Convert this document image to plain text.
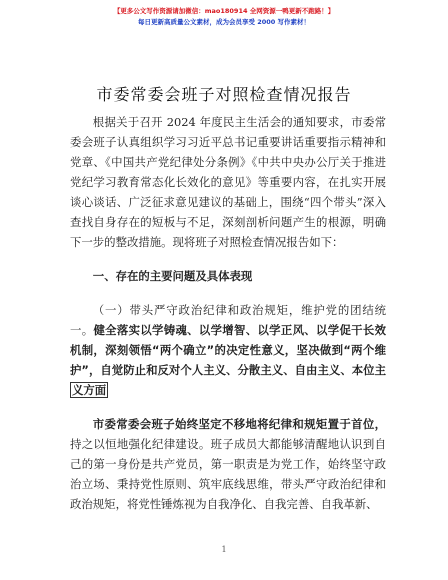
【更多公文写作资源请加微信：mao180914 全网资源一鸭更新不跑路！】
每日更新高质量公文素材，成为会员享受 2000 写作素材！
市委常委会班子对照检查情况报告

根据关于召开 2024 年度民主生活会的通知要求，市委常委会班子认真组织学习习近平总书记重要讲话重要指示精神和党章、《中国共产党纪律处分条例》《中共中央办公厅关于推进党纪学习教育常态化长效化的意见》等重要内容，在扎实开展谈心谈话、广泛征求意见建议的基础上，围绕“四个带头”深入查找自身存在的短板与不足，深刻剖析问题产生的根源，明确下一步的整改措施。现将班子对照检查情况报告如下：

一、存在的主要问题及具体表现

（一）带头严守政治纪律和政治规矩，维护党的团结统一。健全落实以学铸魂、以学增智、以学正风、以学促干长效机制，深刻领悟“两个确立”的决定性意义，坚决做到“两个维护”，自觉防止和反对个人主义、分散主义、自由主义、本位主义方面

市委常委会班子始终坚定不移地将纪律和规矩置于首位，持之以恒地强化纪律建设。班子成员大都能够清醒地认识到自己的第一身份是共产党员，第一职责是为党工作，始终坚守政治立场、秉持党性原则、筑牢底线思维，带头严守政治纪律和政治规矩，将党性锤炼视为自我净化、自我完善、自我革新、

1
